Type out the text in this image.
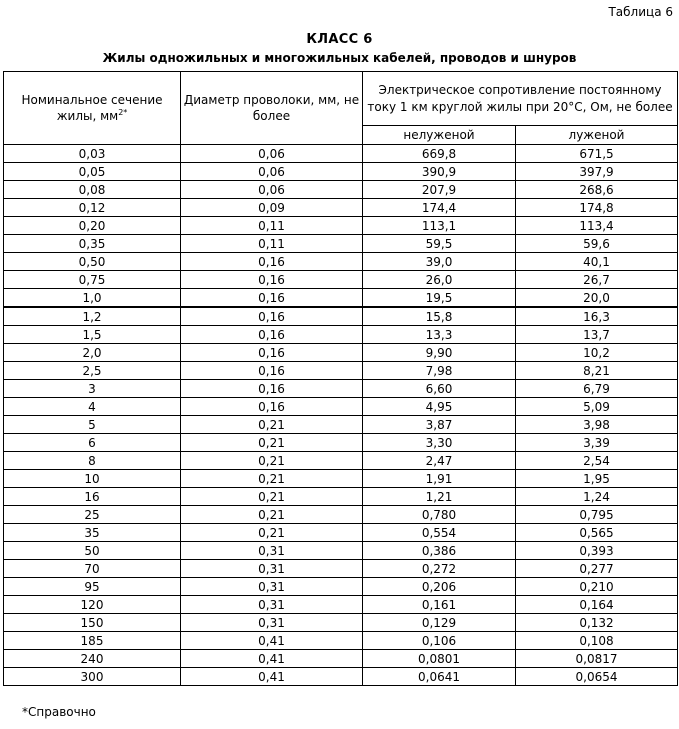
Таблица 6
КЛАСС 6
Жилы одножильных и многожильных кабелей, проводов и шнуров
Номинальное сечение жилы, $мм^{2*}$	Диаметр проволоки, мм, не более	Электрическое сопротивление постоянному току 1 км круглой жилы при 20°С, Ом, не более	
		нелуженой	луженой
0,03	0,06	669,8	671,5
0,05	0,06	390,9	397,9
0,08	0,06	207,9	268,6
0,12	0,09	174,4	174,8
0,20	0,11	113,1	113,4
0,35	0,11	59,5	59,6
0,50	0,16	39,0	40,1
0,75	0,16	26,0	26,7
1,0	0,16	19,5	20,0
1,2	0,16	15,8	16,3
1,5	0,16	13,3	13,7
2,0	0,16	9,90	10,2
2,5	0,16	7,98	8,21
3	0,16	6,60	6,79
4	0,16	4,95	5,09
5	0,21	3,87	3,98
6	0,21	3,30	3,39
8	0,21	2,47	2,54
10	0,21	1,91	1,95
16	0,21	1,21	1,24
25	0,21	0,780	0,795
35	0,21	0,554	0,565
50	0,31	0,386	0,393
70	0,31	0,272	0,277
95	0,31	0,206	0,210
120	0,31	0,161	0,164
150	0,31	0,129	0,132
185	0,41	0,106	0,108
240	0,41	0,0801	0,0817
300	0,41	0,0641	0,0654
*Справочно
